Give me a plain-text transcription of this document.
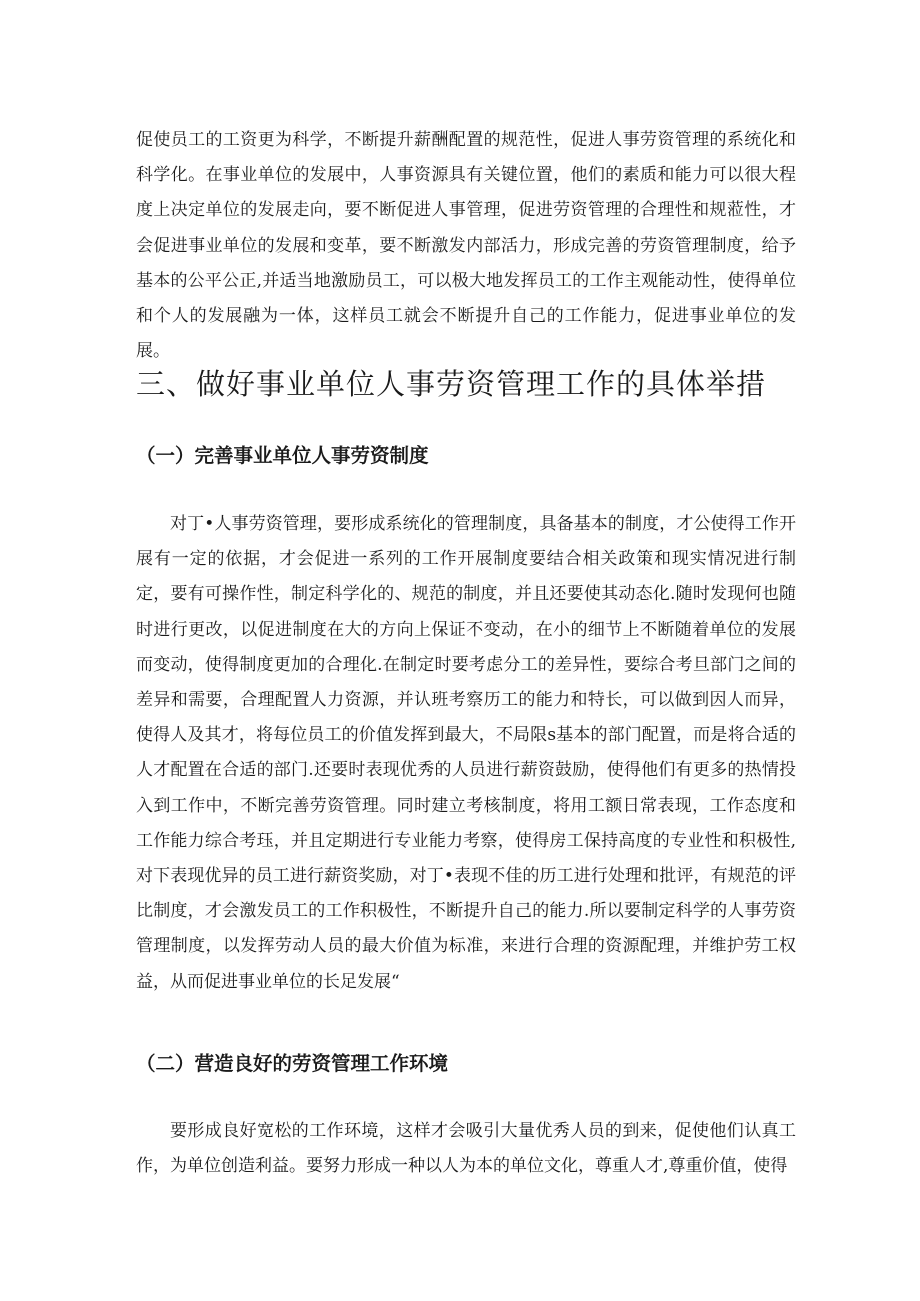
促使员工的工资更为科学，不断提升薪酬配置的规范性，促进人事劳资管理的系统化和科学化。在事业单位的发展中，人事资源具有关键位置，他们的素质和能力可以很大程度上决定单位的发展走向，要不断促进人事管理，促进劳资管理的合理性和规蒞性，才会促进事业单位的发展和变革，要不断激发内部活力，形成完善的劳资管理制度，给予基本的公平公正,并适当地激励员工，可以极大地发挥员工的工作主观能动性，使得单位和个人的发展融为一体，这样员工就会不断提升自己的工作能力，促进事业单位的发展。

三、做好事业单位人事劳资管理工作的具体举措
（一）完善事业单位人事劳资制度

对丁•人事劳资管理，要形成系统化的管理制度，具备基本的制度，才公使得工作开展有一定的依据，才会促进一系列的工作开展制度要结合相关政策和现实情况进行制定，要有可操作性，制定科学化的、规范的制度，并且还要使其动态化.随时发现何也随时进行更改，以促进制度在大的方向上保证不变动，在小的细节上不断随着单位的发展而变动，使得制度更加的合理化.在制定时要考虑分工的差异性，要综合考旦部门之间的差异和需要，合理配置人力资源，并认班考察历工的能力和特长，可以做到因人而异，使得人及其才，将每位员工的价值发挥到最大，不局限s基本的部门配置，而是将合适的人才配置在合适的部门.还要时表现优秀的人员进行薪资鼓励，使得他们有更多的热情投入到工作中，不断完善劳资管理。同时建立考核制度，将用工额日常表现，工作态度和工作能力综合考珏，并且定期进行专业能力考察，使得房工保持高度的专业性和积极性,对下表现优异的员工进行薪资奖励，对丁•表现不佳的历工进行处理和批评，有规范的评比制度，才会激发员工的工作积极性，不断提升自己的能力.所以要制定科学的人事劳资管理制度，以发挥劳动人员的最大价值为标准，来进行合理的资源配理，并维护劳工权益，从而促进事业单位的长足发展“

（二）营造良好的劳资管理工作环境

要形成良好宽松的工作环境，这样才会吸引大量优秀人员的到来，促使他们认真工作，为单位创造利益。要努力形成一种以人为本的单位文化，尊重人才,尊重价值，使得
